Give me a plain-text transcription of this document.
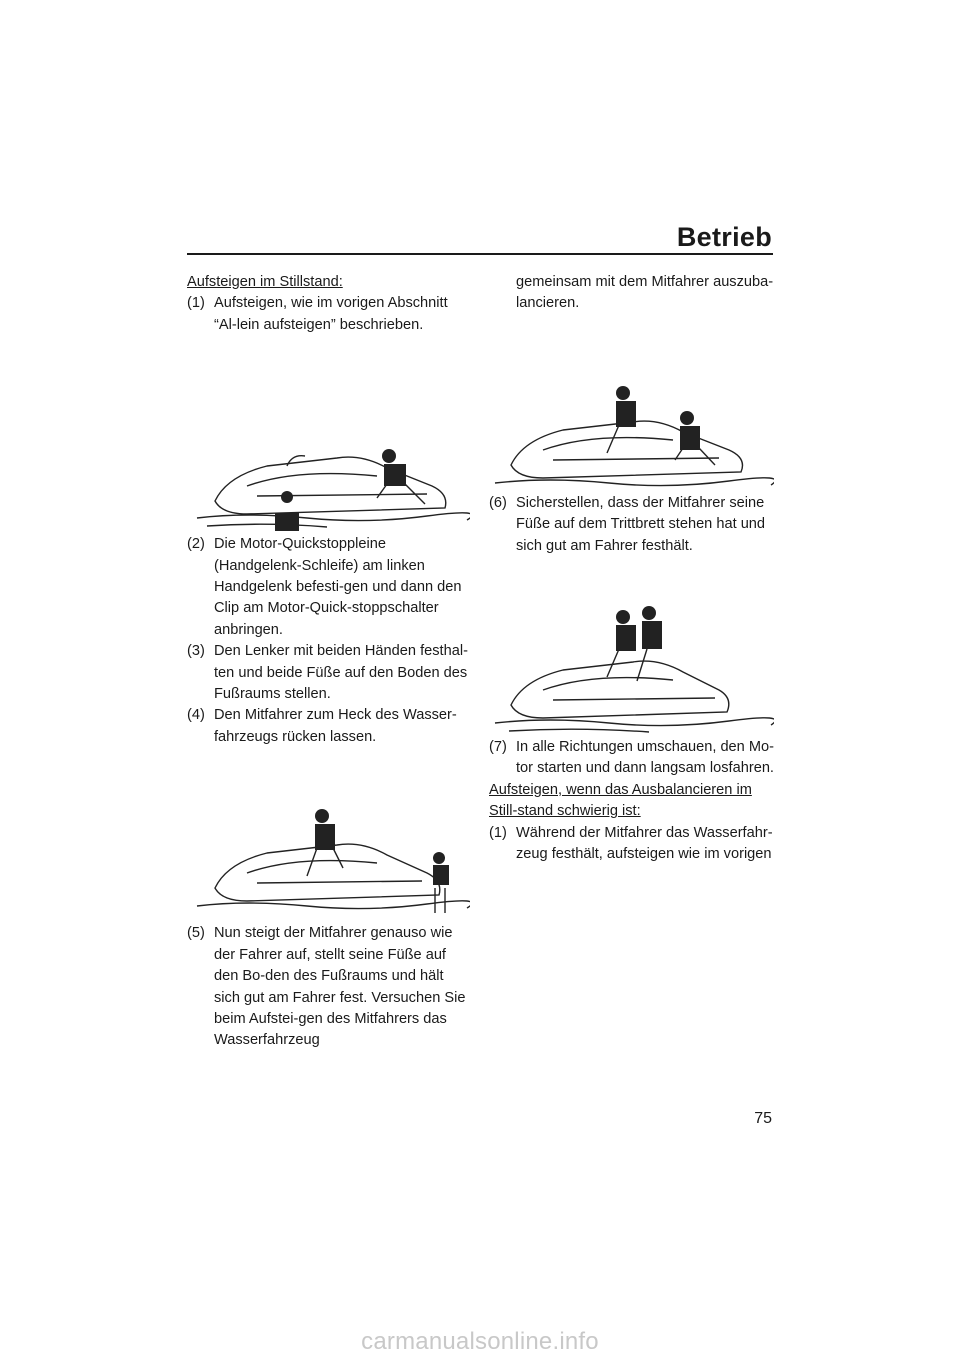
Betrieb
Aufsteigen im Stillstand:
(1) Aufsteigen, wie im vorigen Abschnitt “Al-lein aufsteigen” beschrieben.
(2) Die Motor-Quickstoppleine (Handgelenk-Schleife) am linken Handgelenk befesti-gen und dann den Clip am Motor-Quick-stoppschalter anbringen.
(3) Den Lenker mit beiden Händen festhal-ten und beide Füße auf den Boden des Fußraums stellen.
(4) Den Mitfahrer zum Heck des Wasser-fahrzeugs rücken lassen.
(5) Nun steigt der Mitfahrer genauso wie der Fahrer auf, stellt seine Füße auf den Bo-den des Fußraums und hält sich gut am Fahrer fest. Versuchen Sie beim Aufstei-gen des Mitfahrers das Wasserfahrzeug
gemeinsam mit dem Mitfahrer auszuba-lancieren.
(6) Sicherstellen, dass der Mitfahrer seine Füße auf dem Trittbrett stehen hat und sich gut am Fahrer festhält.
(7) In alle Richtungen umschauen, den Mo-tor starten und dann langsam losfahren.
Aufsteigen, wenn das Ausbalancieren im Still-stand schwierig ist:
(1) Während der Mitfahrer das Wasserfahr-zeug festhält, aufsteigen wie im vorigen
75
carmanualsonline.info
